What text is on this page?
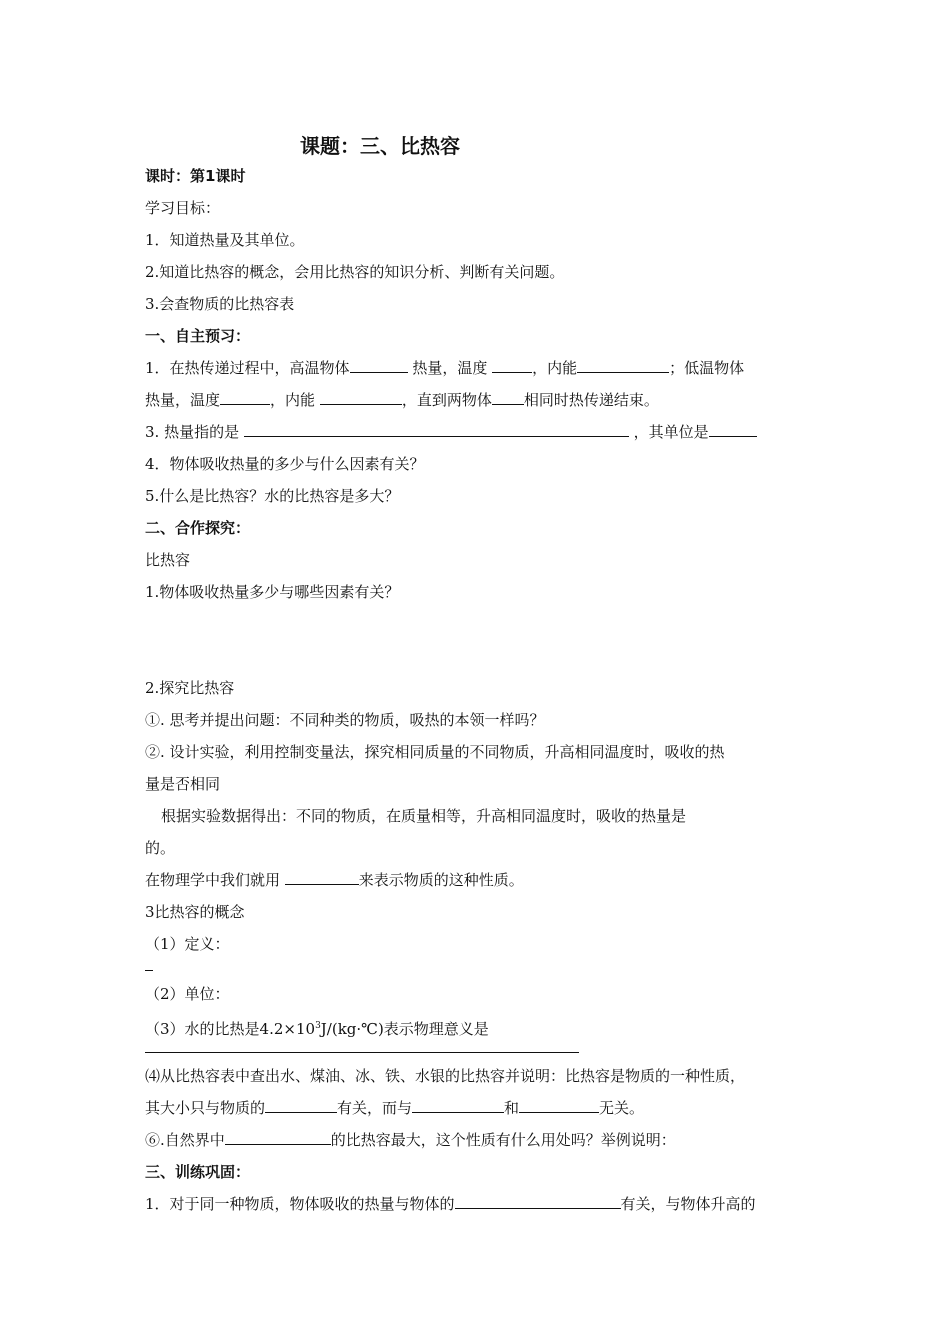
课题：三、比热容
课时：第1课时
学习目标：
1．知道热量及其单位。
2.知道比热容的概念，会用比热容的知识分析、判断有关问题。
3.会查物质的比热容表
一、自主预习：
1．在热传递过程中，高温物体	热量，温度	，内能	；低温物体
热量，温度	，内能	，直到两物体 相同时热传递结束。
3. 热量指的是	，其单位是
4．物体吸收热量的多少与什么因素有关？
5.什么是比热容？水的比热容是多大？
二、合作探究：
比热容
1.物体吸收热量多少与哪些因素有关？
2.探究比热容
①. 思考并提出问题：不同种类的物质，吸热的本领一样吗？
②. 设计实验，利用控制变量法，探究相同质量的不同物质，升高相同温度时，吸收的热
量是否相同
根据实验数据得出：不同的物质，在质量相等，升高相同温度时，吸收的热量是
的。
在物理学中我们就用	来表示物质的这种性质。
3比热容的概念
（1）定义：
（2）单位：
（3）水的比热是$4.2\times 10^3J/(kg\cdot℃)$表示物理意义是
⑷从比热容表中查出水、煤油、冰、铁、水银的比热容并说明：比热容是物质的一种性质，
其大小只与物质的	有关，而与	和	无关。
⑥.自然界中	的比热容最大，这个性质有什么用处吗？举例说明：
三、训练巩固：
1．对于同一种物质，物体吸收的热量与物体的	有关，与物体升高的
